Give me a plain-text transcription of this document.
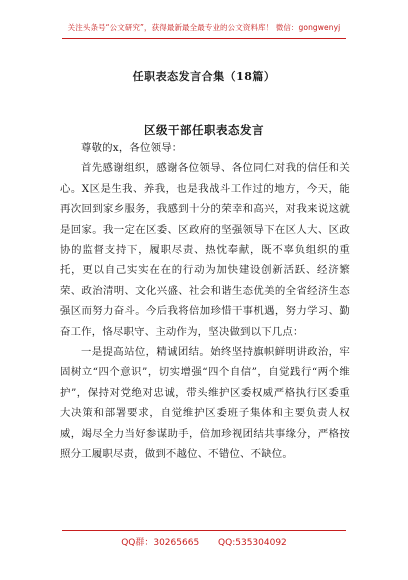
关注头条号“公文研究”，获得最新最全最专业的公文资料库！ 微信：gongwenyj
任职表态发言合集（18篇）
区级干部任职表态发言

尊敬的x，各位领导：

首先感谢组织，感谢各位领导、各位同仁对我的信任和关心。X区是生我、养我，也是我战斗工作过的地方，今天，能再次回到家乡服务，我感到十分的荣幸和高兴，对我来说这就是回家。我一定在区委、区政府的坚强领导下在区人大、区政协的监督支持下，履职尽责、热忱奉献，既不辜负组织的重托，更以自己实实在在的行动为加快建设创新活跃、经济繁荣、政治清明、文化兴盛、社会和谐生态优美的全省经济生态强区而努力奋斗。今后我将倍加珍惜干事机遇，努力学习、勤奋工作，恪尽职守、主动作为，坚决做到以下几点：

一是提高站位，精诚团结。始终坚持旗帜鲜明讲政治，牢固树立“四个意识”，切实增强“四个自信”，自觉践行“两个维护”，保持对党绝对忠诚，带头维护区委权威严格执行区委重大决策和部署要求，自觉维护区委班子集体和主要负责人权威，竭尽全力当好参谋助手，倍加珍视团结共事缘分，严格按照分工履职尽责，做到不越位、不错位、不缺位。

QQ群：30265665 QQ:535304092
